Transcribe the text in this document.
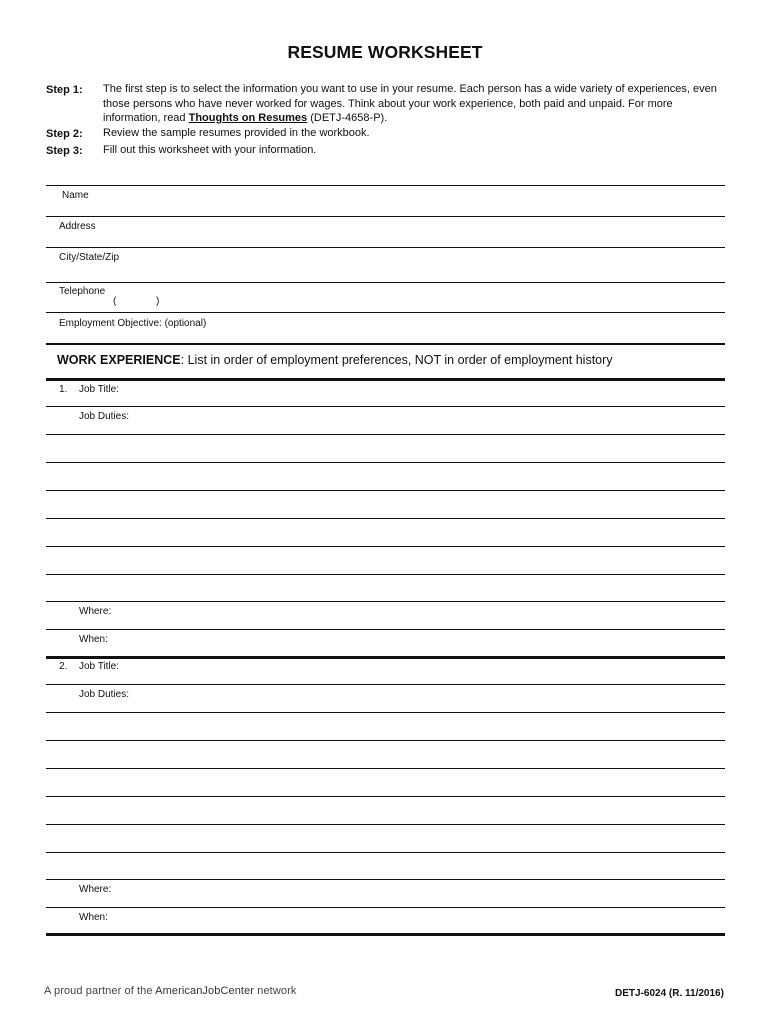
RESUME WORKSHEET
Step 1: The first step is to select the information you want to use in your resume. Each person has a wide variety of experiences, even those persons who have never worked for wages. Think about your work experience, both paid and unpaid. For more information, read Thoughts on Resumes (DETJ-4658-P).
Step 2: Review the sample resumes provided in the workbook.
Step 3: Fill out this worksheet with your information.
Name
Address
City/State/Zip
Telephone
(	)
Employment Objective: (optional)
WORK EXPERIENCE: List in order of employment preferences, NOT in order of employment history
1. Job Title:
Job Duties:
Where:
When:
2. Job Title:
Job Duties:
Where:
When:
A proud partner of the AmericanJobCenter network	DETJ-6024 (R. 11/2016)
